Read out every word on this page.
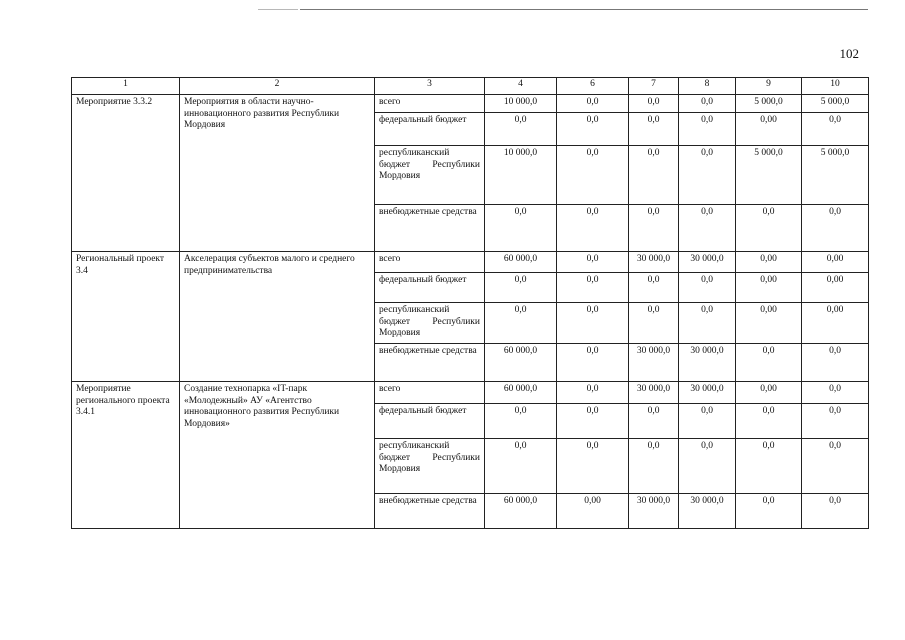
102
1	2	3	4	6	7	8	9	10
Мероприятие 3.3.2	Мероприятия в области научно-инновационного развития Республики Мордовия	всего	10 000,0	0,0	0,0	0,0	5 000,0	5 000,0
		федеральный бюджет	0,0	0,0	0,0	0,0	0,00	0,0
		республиканский бюджет Республики Мордовия	10 000,0	0,0	0,0	0,0	5 000,0	5 000,0
		внебюджетные средства	0,0	0,0	0,0	0,0	0,0	0,0
Региональный проект 3.4	Акселерация субъектов малого и среднего предпринимательства	всего	60 000,0	0,0	30 000,0	30 000,0	0,00	0,00
		федеральный бюджет	0,0	0,0	0,0	0,0	0,00	0,00
		республиканский бюджет Республики Мордовия	0,0	0,0	0,0	0,0	0,00	0,00
		внебюджетные средства	60 000,0	0,0	30 000,0	30 000,0	0,0	0,0
Мероприятие регионального проекта 3.4.1	Создание технопарка «IT-парк «Молодежный» АУ «Агентство инновационного развития Республики Мордовия»	всего	60 000,0	0,0	30 000,0	30 000,0	0,00	0,0
		федеральный бюджет	0,0	0,0	0,0	0,0	0,0	0,0
		республиканский бюджет Республики Мордовия	0,0	0,0	0,0	0,0	0,0	0,0
		внебюджетные средства	60 000,0	0,00	30 000,0	30 000,0	0,0	0,0
